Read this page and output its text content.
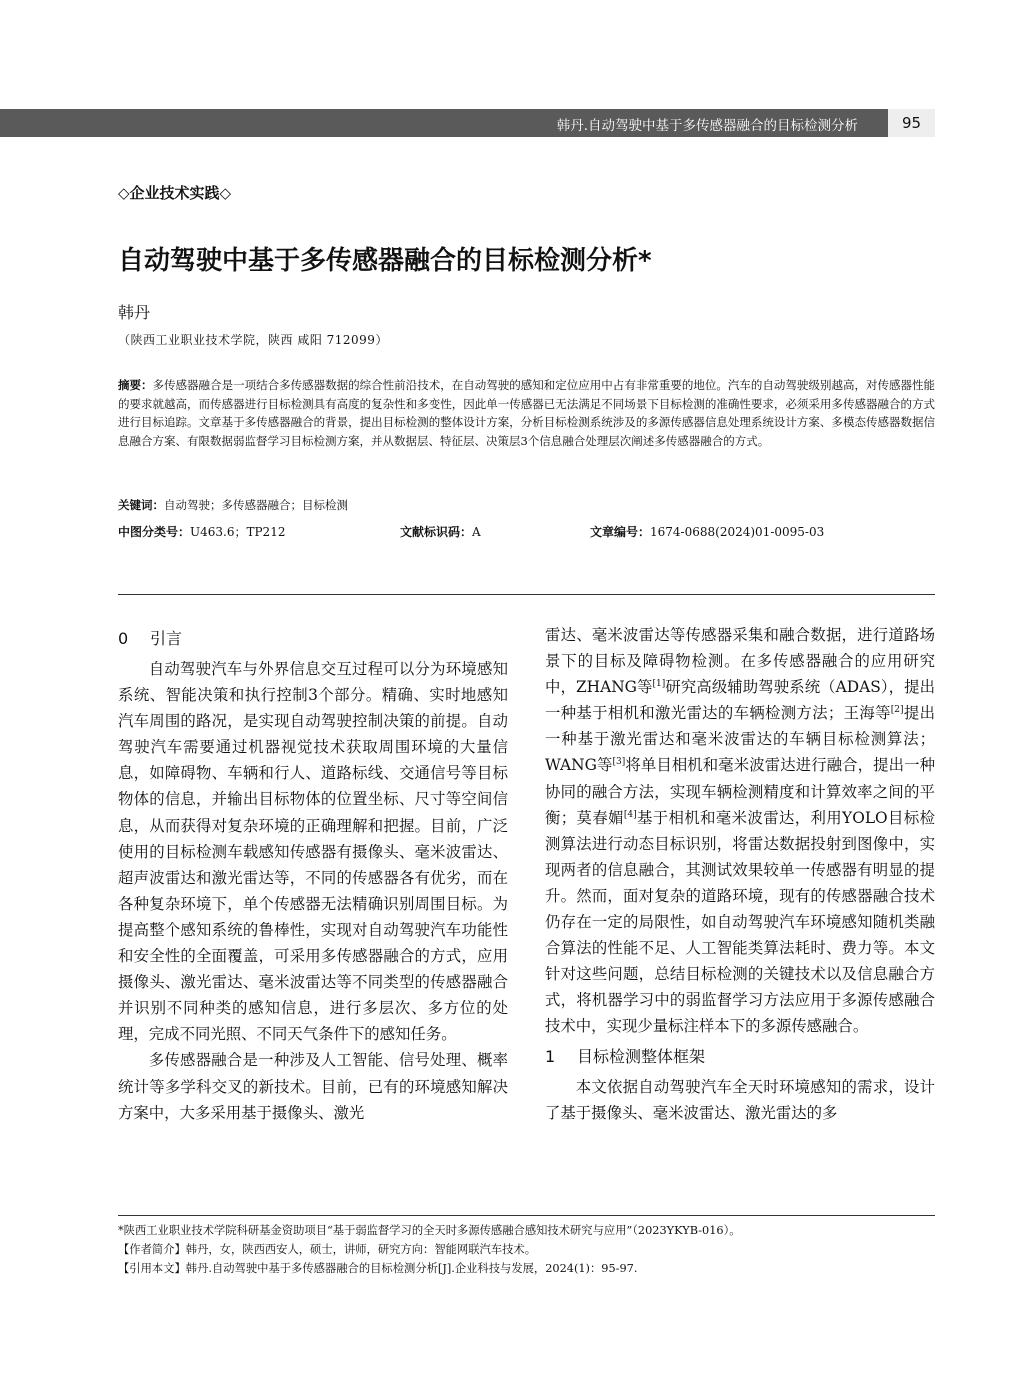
韩丹.自动驾驶中基于多传感器融合的目标检测分析	95
◇企业技术实践◇
自动驾驶中基于多传感器融合的目标检测分析*
韩丹
（陕西工业职业技术学院，陕西 咸阳 712099）
摘要：多传感器融合是一项结合多传感器数据的综合性前沿技术，在自动驾驶的感知和定位应用中占有非常重要的地位。汽车的自动驾驶级别越高，对传感器性能的要求就越高，而传感器进行目标检测具有高度的复杂性和多变性，因此单一传感器已无法满足不同场景下目标检测的准确性要求，必须采用多传感器融合的方式进行目标追踪。文章基于多传感器融合的背景，提出目标检测的整体设计方案，分析目标检测系统涉及的多源传感器信息处理系统设计方案、多模态传感器数据信息融合方案、有限数据弱监督学习目标检测方案，并从数据层、特征层、决策层3个信息融合处理层次阐述多传感器融合的方式。
关键词：自动驾驶；多传感器融合；目标检测
中图分类号：U463.6；TP212	文献标识码：A	文章编号：1674-0688(2024)01-0095-03
0 引言

自动驾驶汽车与外界信息交互过程可以分为环境感知系统、智能决策和执行控制3个部分。精确、实时地感知汽车周围的路况，是实现自动驾驶控制决策的前提。自动驾驶汽车需要通过机器视觉技术获取周围环境的大量信息，如障碍物、车辆和行人、道路标线、交通信号等目标物体的信息，并输出目标物体的位置坐标、尺寸等空间信息，从而获得对复杂环境的正确理解和把握。目前，广泛使用的目标检测车载感知传感器有摄像头、毫米波雷达、超声波雷达和激光雷达等，不同的传感器各有优劣，而在各种复杂环境下，单个传感器无法精确识别周围目标。为提高整个感知系统的鲁棒性，实现对自动驾驶汽车功能性和安全性的全面覆盖，可采用多传感器融合的方式，应用摄像头、激光雷达、毫米波雷达等不同类型的传感器融合并识别不同种类的感知信息，进行多层次、多方位的处理，完成不同光照、不同天气条件下的感知任务。

多传感器融合是一种涉及人工智能、信号处理、概率统计等多学科交叉的新技术。目前，已有的环境感知解决方案中，大多采用基于摄像头、激光

雷达、毫米波雷达等传感器采集和融合数据，进行道路场景下的目标及障碍物检测。在多传感器融合的应用研究中，ZHANG等[1]研究高级辅助驾驶系统（ADAS），提出一种基于相机和激光雷达的车辆检测方法；王海等[2]提出一种基于激光雷达和毫米波雷达的车辆目标检测算法；WANG等[3]将单目相机和毫米波雷达进行融合，提出一种协同的融合方法，实现车辆检测精度和计算效率之间的平衡；莫春媚[4]基于相机和毫米波雷达，利用YOLO目标检测算法进行动态目标识别，将雷达数据投射到图像中，实现两者的信息融合，其测试效果较单一传感器有明显的提升。然而，面对复杂的道路环境，现有的传感器融合技术仍存在一定的局限性，如自动驾驶汽车环境感知随机类融合算法的性能不足、人工智能类算法耗时、费力等。本文针对这些问题，总结目标检测的关键技术以及信息融合方式，将机器学习中的弱监督学习方法应用于多源传感融合技术中，实现少量标注样本下的多源传感融合。

1 目标检测整体框架

本文依据自动驾驶汽车全天时环境感知的需求，设计了基于摄像头、毫米波雷达、激光雷达的多

*陕西工业职业技术学院科研基金资助项目“基于弱监督学习的全天时多源传感融合感知技术研究与应用”（2023YKYB-016）。
【作者简介】韩丹，女，陕西西安人，硕士，讲师，研究方向：智能网联汽车技术。
【引用本文】韩丹.自动驾驶中基于多传感器融合的目标检测分析[J].企业科技与发展，2024(1)：95-97.
